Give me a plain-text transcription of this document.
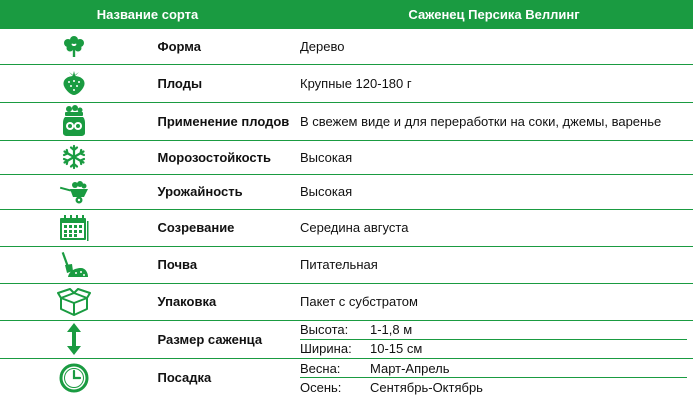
Название сорта		Саженец Персика Веллинг

	Форма	Дерево

	Плоды	Крупные 120-180 г

	Применение плодов	В свежем виде и для переработки на соки, джемы, варенье

	Морозостойкость	Высокая

	Урожайность	Высокая

	Созревание	Середина августа

	Почва	Питательная

	Упаковка	Пакет с субстратом

	Размер саженца	Высота: 1-1,8 м
Ширина: 10-15 см

	Посадка	Весна: Март-Апрель
Осень: Сентябрь-Октябрь
